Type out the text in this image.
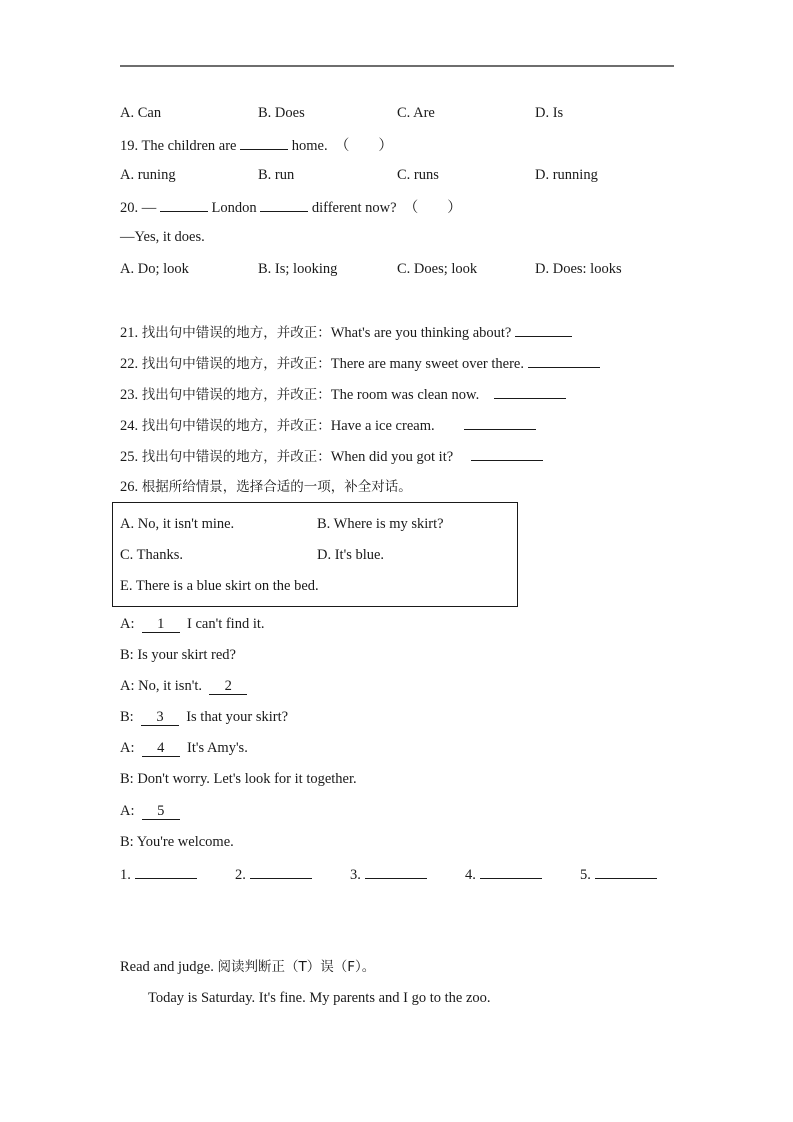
A. Can	B. Does	C. Are	D. Is
19. The children are	home.  （        ）
A. runing	B. run	C. runs	D. running
20. —	London	different now?  （        ）
—Yes, it does.
A. Do; look	B. Is; looking	C. Does; look	D. Does: looks
21. 找出句中错误的地方，并改正：What's are you thinking about?
22. 找出句中错误的地方，并改正：There are many sweet over there.
23. 找出句中错误的地方，并改正：The room was clean now.
24. 找出句中错误的地方，并改正：Have a ice cream.
25. 找出句中错误的地方，并改正：When did you got it?
26. 根据所给情景，选择合适的一项，补全对话。
A. No, it isn't mine.	B. Where is my skirt?
C. Thanks.	D. It's blue.
E. There is a blue skirt on the bed.
A:  1  I can't find it.
B: Is your skirt red?
A: No, it isn't.  2
B:  3  Is that your skirt?
A:  4  It's Amy's.
B: Don't worry. Let's look for it together.
A:  5
B: You're welcome.
1.	2.	3.	4.	5.
Read and judge. 阅读判断正（T）误（F）。
Today is Saturday. It's fine. My parents and I go to the zoo.
